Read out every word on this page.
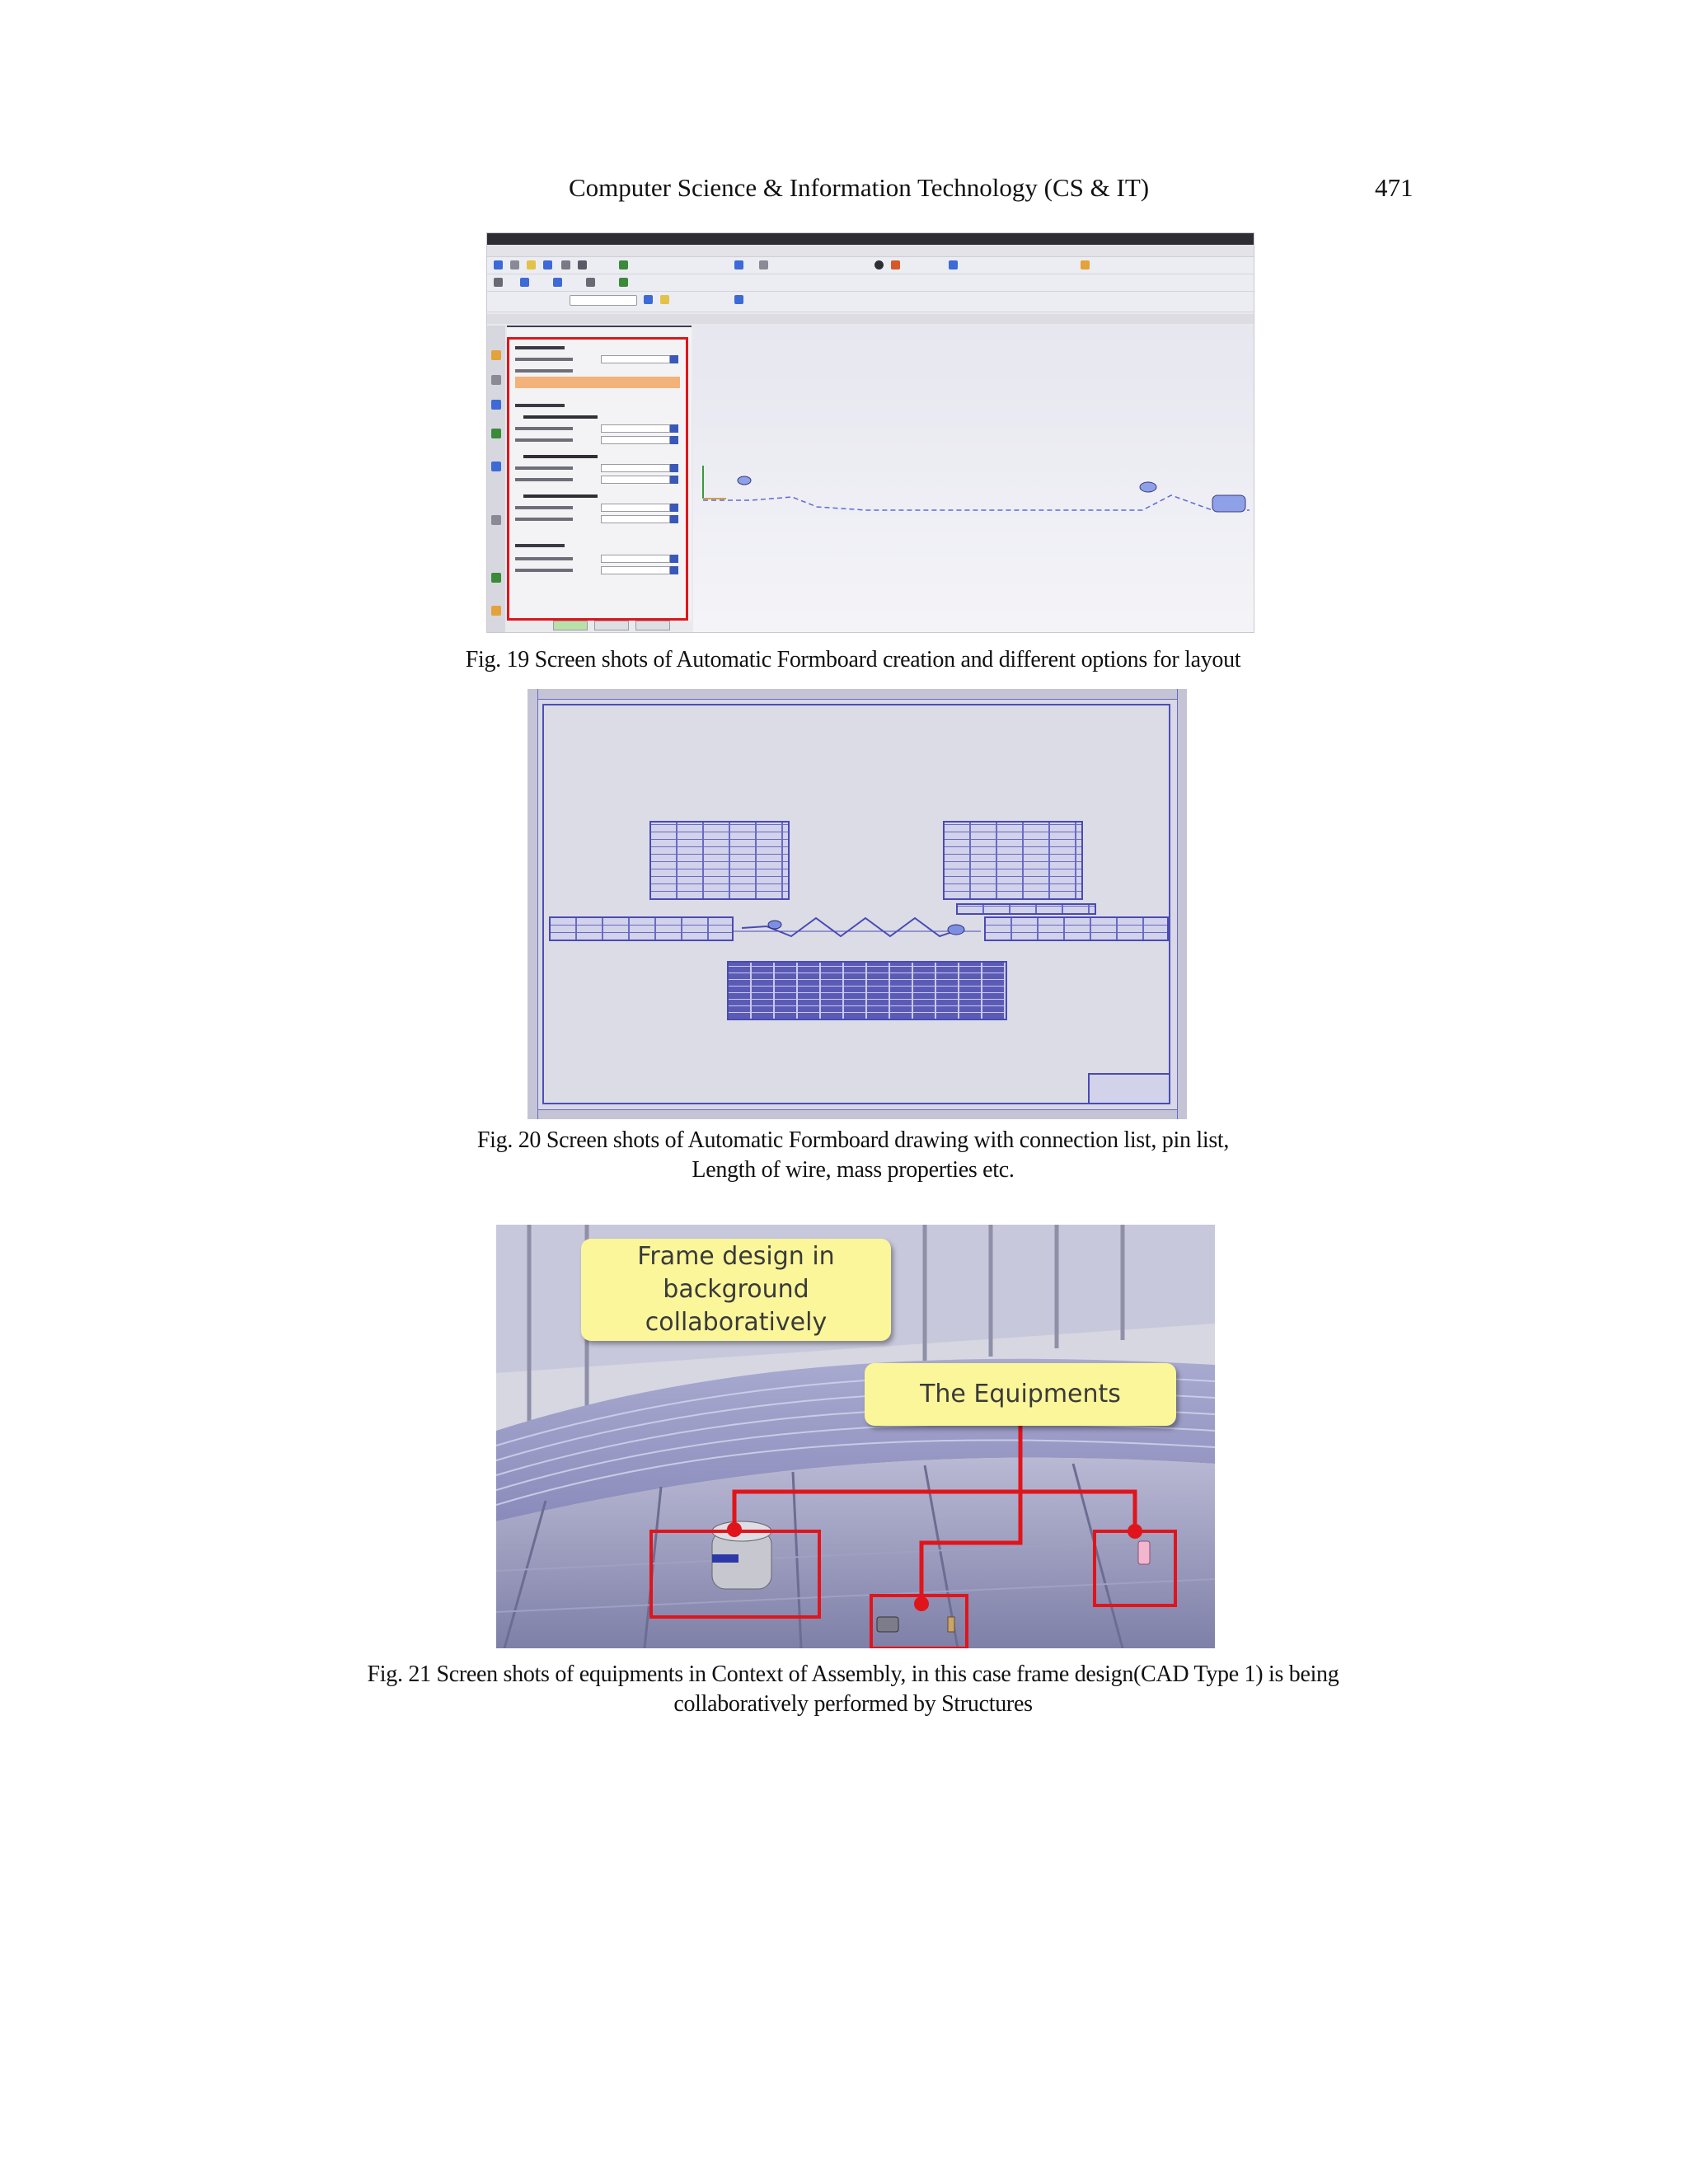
Computer Science & Information Technology (CS & IT)	471
Fig. 19 Screen shots of Automatic Formboard creation and different options for layout
Fig. 20 Screen shots of Automatic Formboard drawing with connection list, pin list,
Length of wire, mass properties etc.
Frame design in
background
collaboratively
The Equipments
Fig. 21 Screen shots of equipments in Context of Assembly, in this case frame design(CAD Type 1) is being
collaboratively performed by Structures
